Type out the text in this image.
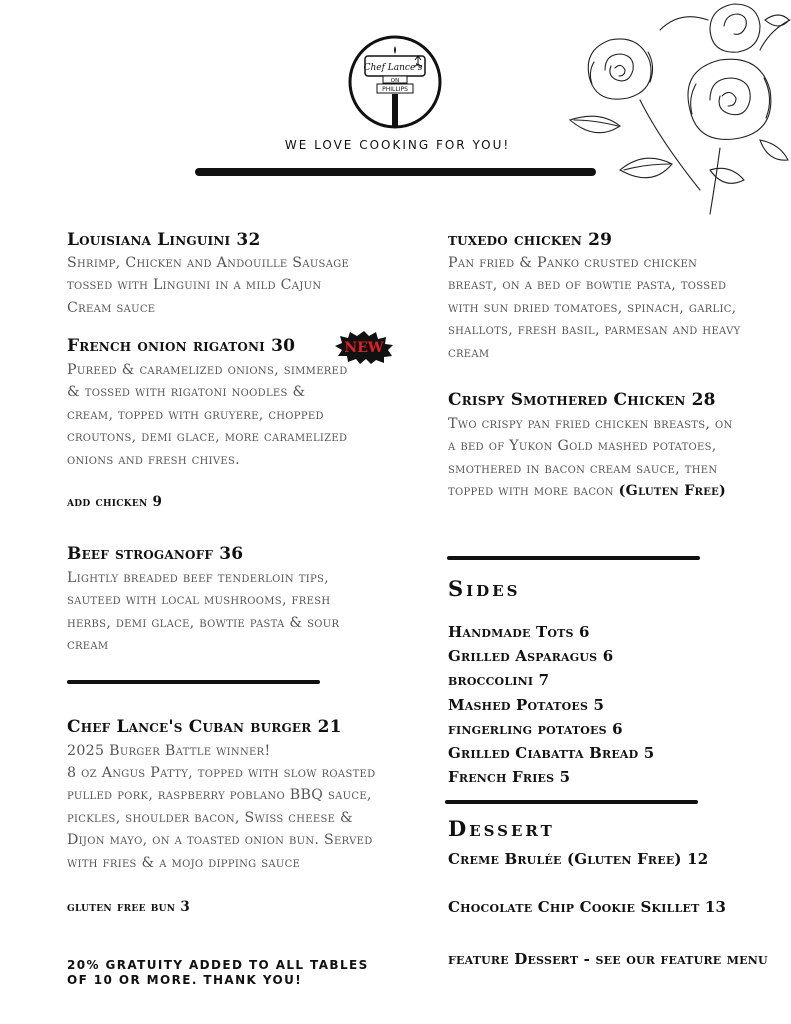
Chef Lance's
ON
PHILLIPS
WE LOVE COOKING FOR YOU!
Louisiana Linguini 32

Shrimp, Chicken and Andouille Sausage tossed with Linguini in a mild Cajun Cream sauce

French onion rigatoni 30	NEW

Pureed & caramelized onions, simmered & tossed with rigatoni noodles & cream, topped with gruyere, chopped croutons, demi glace, more caramelized onions and fresh chives.

add chicken 9

Beef stroganoff 36

Lightly breaded beef tenderloin tips, sauteed with local mushrooms, fresh herbs, demi glace, bowtie pasta & sour cream

Chef Lance's Cuban burger 21

2025 Burger Battle winner!

8 oz Angus Patty, topped with slow roasted pulled pork, raspberry poblano BBQ sauce, pickles, shoulder bacon, Swiss cheese & Dijon mayo, on a toasted onion bun. Served with fries & a mojo dipping sauce

gluten free bun 3

20% GRATUITY ADDED TO ALL TABLES OF 10 OR MORE. THANK YOU!

tuxedo chicken 29

Pan fried & Panko crusted chicken breast, on a bed of bowtie pasta, tossed with sun dried tomatoes, spinach, garlic, shallots, fresh basil, parmesan and heavy cream

Crispy Smothered Chicken 28

Two crispy pan fried chicken breasts, on a bed of Yukon Gold mashed potatoes, smothered in bacon cream sauce, then topped with more bacon (Gluten Free)

Sides
Handmade Tots 6
Grilled Asparagus 6
broccolini 7
Mashed Potatoes 5
fingerling potatoes 6
Grilled Ciabatta Bread 5
French Fries 5
Dessert

Creme Brulée (Gluten Free) 12

Chocolate Chip Cookie Skillet 13

feature Dessert - see our feature menu
